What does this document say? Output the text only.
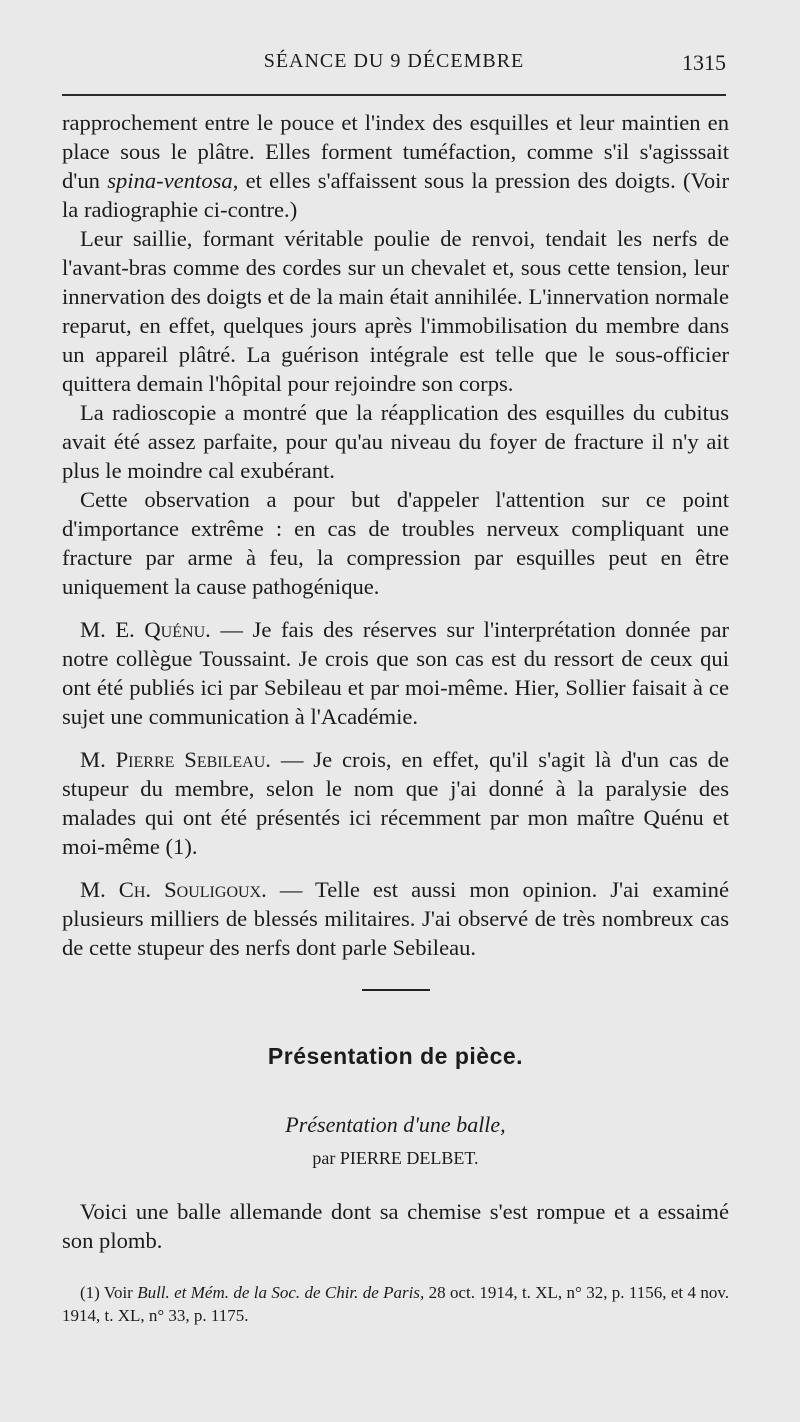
SÉANCE DU 9 DÉCEMBRE	1315

rapprochement entre le pouce et l'index des esquilles et leur maintien en place sous le plâtre. Elles forment tuméfaction, comme s'il s'agisssait d'un spina-ventosa, et elles s'affaissent sous la pression des doigts. (Voir la radiographie ci-contre.)

Leur saillie, formant véritable poulie de renvoi, tendait les nerfs de l'avant-bras comme des cordes sur un chevalet et, sous cette tension, leur innervation des doigts et de la main était annihilée. L'innervation normale reparut, en effet, quelques jours après l'immobilisation du membre dans un appareil plâtré. La guérison intégrale est telle que le sous-officier quittera demain l'hôpital pour rejoindre son corps.

La radioscopie a montré que la réapplication des esquilles du cubitus avait été assez parfaite, pour qu'au niveau du foyer de fracture il n'y ait plus le moindre cal exubérant.

Cette observation a pour but d'appeler l'attention sur ce point d'importance extrême : en cas de troubles nerveux compliquant une fracture par arme à feu, la compression par esquilles peut en être uniquement la cause pathogénique.

M. E. Quénu. — Je fais des réserves sur l'interprétation donnée par notre collègue Toussaint. Je crois que son cas est du ressort de ceux qui ont été publiés ici par Sebileau et par moi-même. Hier, Sollier faisait à ce sujet une communication à l'Académie.

M. Pierre Sebileau. — Je crois, en effet, qu'il s'agit là d'un cas de stupeur du membre, selon le nom que j'ai donné à la paralysie des malades qui ont été présentés ici récemment par mon maître Quénu et moi-même (1).

M. Ch. Souligoux. — Telle est aussi mon opinion. J'ai examiné plusieurs milliers de blessés militaires. J'ai observé de très nombreux cas de cette stupeur des nerfs dont parle Sebileau.

Présentation de pièce.
Présentation d'une balle,
par PIERRE DELBET.

Voici une balle allemande dont sa chemise s'est rompue et a essaimé son plomb.

(1) Voir Bull. et Mém. de la Soc. de Chir. de Paris, 28 oct. 1914, t. XL, n° 32, p. 1156, et 4 nov. 1914, t. XL, n° 33, p. 1175.
